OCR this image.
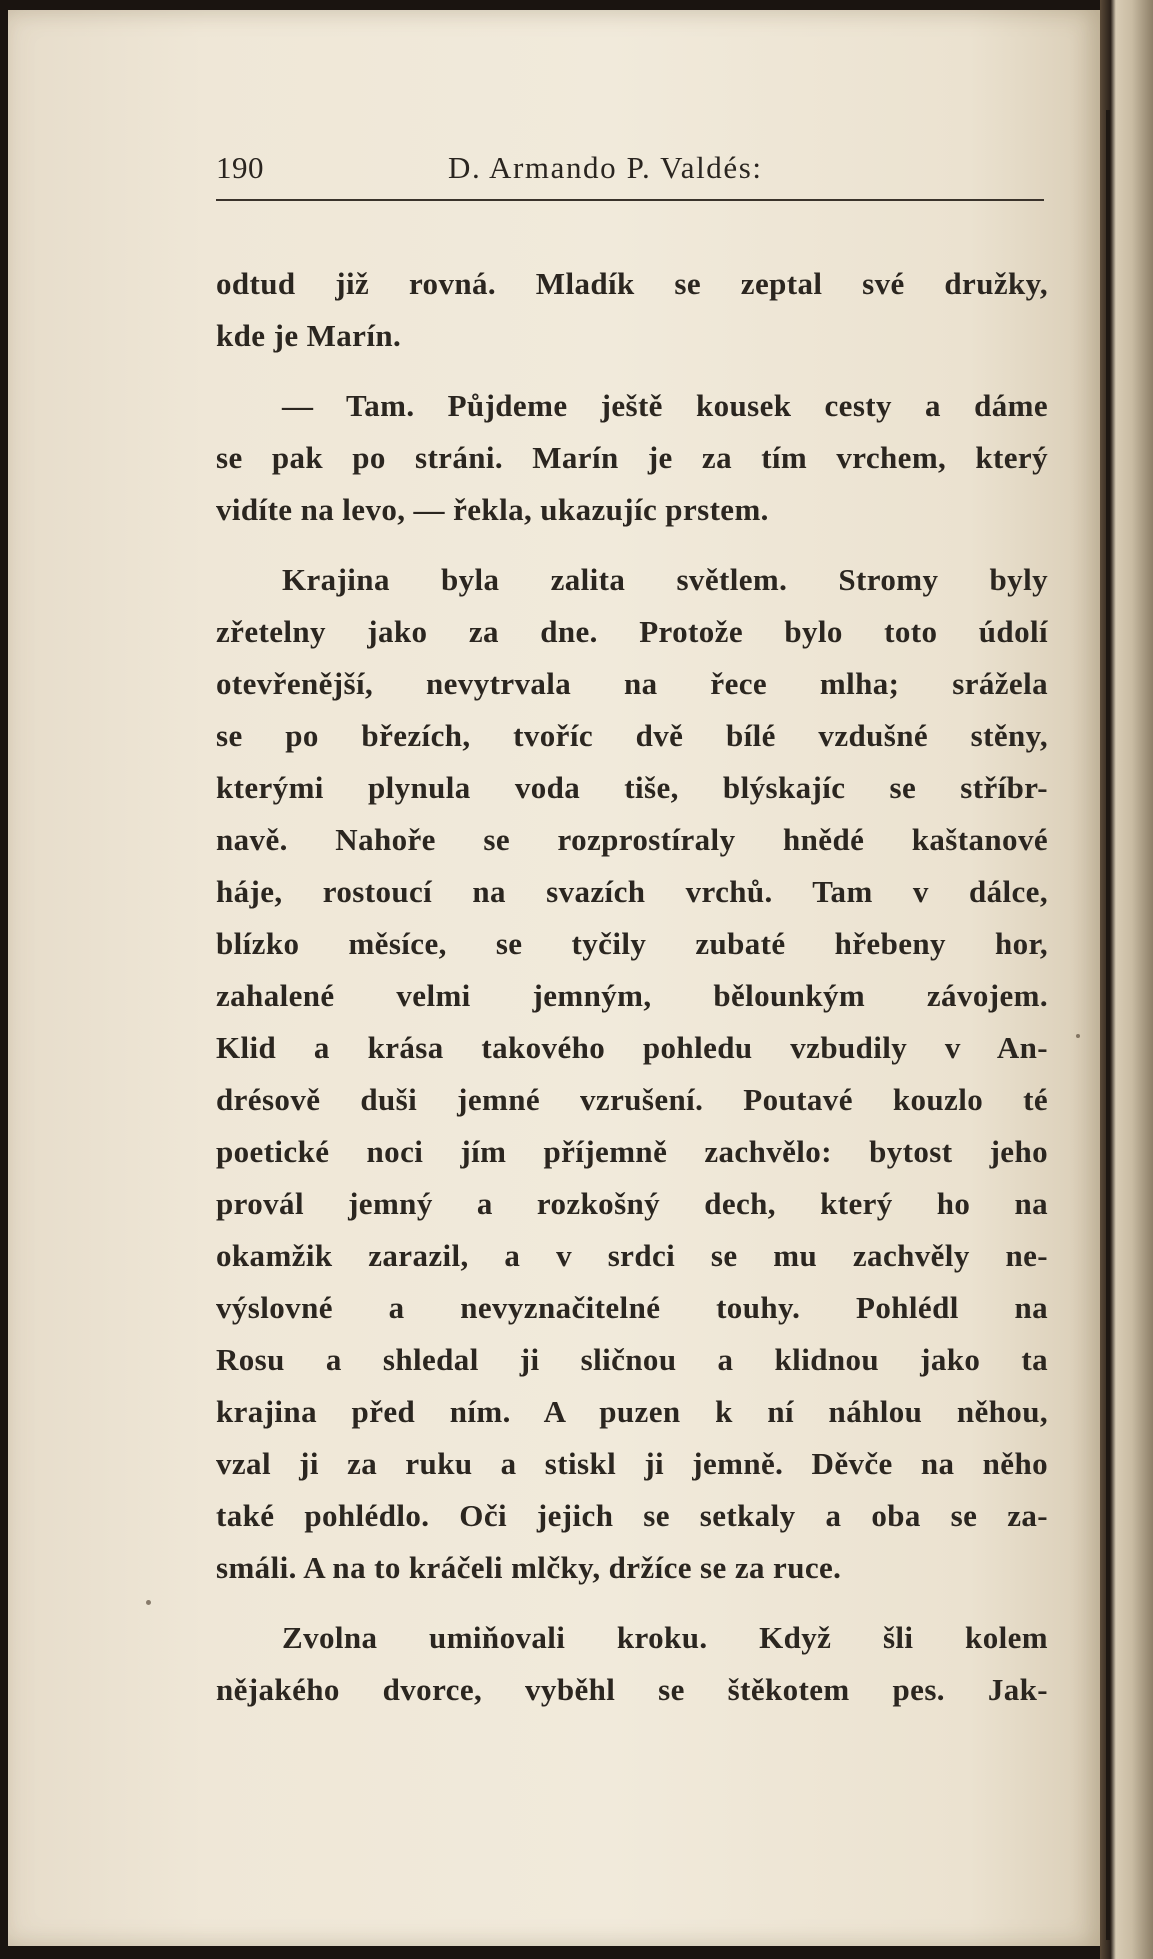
190	D. Armando P. Valdés:
odtud již rovná. Mladík se zeptal své družky,
kde je Marín.
— Tam. Půjdeme ještě kousek cesty a dáme
se pak po stráni. Marín je za tím vrchem, který
vidíte na levo, — řekla, ukazujíc prstem.
Krajina byla zalita světlem. Stromy byly
zřetelny jako za dne. Protože bylo toto údolí
otevřenější, nevytrvala na řece mlha; srážela
se po březích, tvoříc dvě bílé vzdušné stěny,
kterými plynula voda tiše, blýskajíc se stříbr-
navě. Nahoře se rozprostíraly hnědé kaštanové
háje, rostoucí na svazích vrchů. Tam v dálce,
blízko měsíce, se tyčily zubaté hřebeny hor,
zahalené velmi jemným, bělounkým závojem.
Klid a krása takového pohledu vzbudily v An-
drésově duši jemné vzrušení. Poutavé kouzlo té
poetické noci jím příjemně zachvělo: bytost jeho
provál jemný a rozkošný dech, který ho na
okamžik zarazil, a v srdci se mu zachvěly ne-
výslovné a nevyznačitelné touhy. Pohlédl na
Rosu a shledal ji sličnou a klidnou jako ta
krajina před ním. A puzen k ní náhlou něhou,
vzal ji za ruku a stiskl ji jemně. Děvče na něho
také pohlédlo. Oči jejich se setkaly a oba se za-
smáli. A na to kráčeli mlčky, držíce se za ruce.
Zvolna umiňovali kroku. Když šli kolem
nějakého dvorce, vyběhl se štěkotem pes. Jak-
